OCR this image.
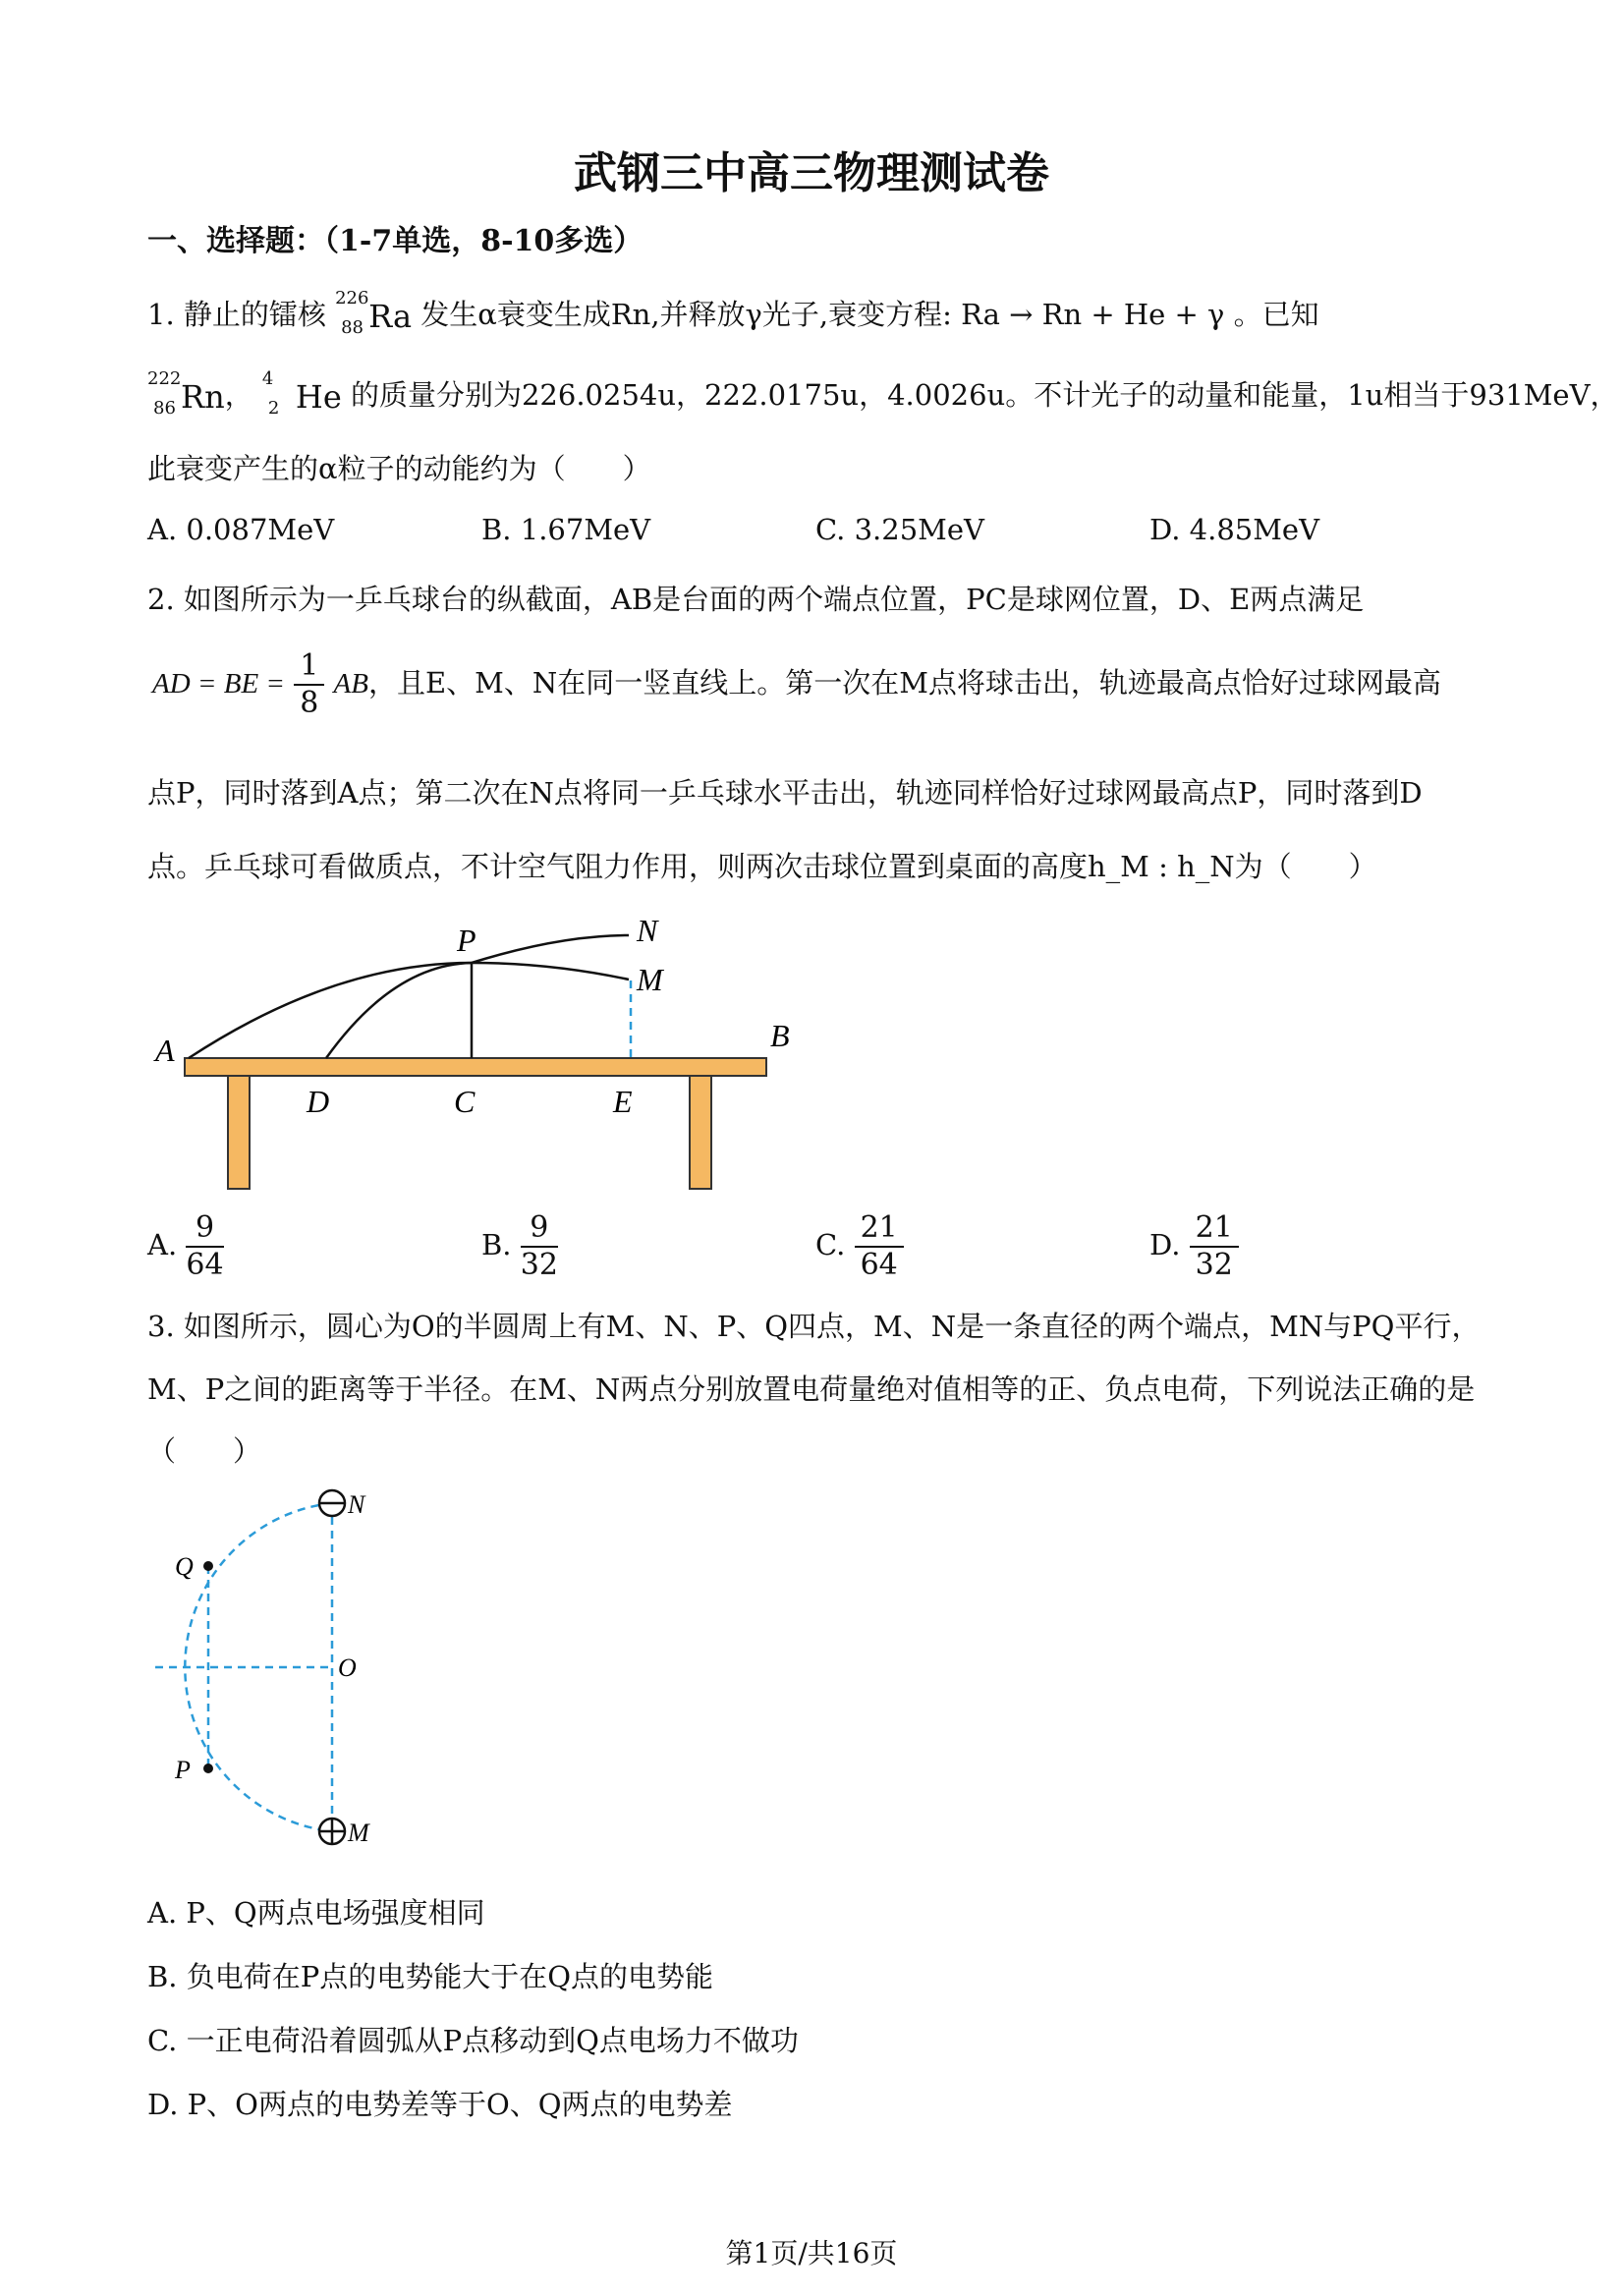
武钢三中高三物理测试卷
一、选择题：（1-7单选，8-10多选）
1. 静止的镭核 226
88 Ra 发生α衰变生成Rn,并释放γ光子,衰变方程: Ra → Rn + He + γ 。已知
222
86 Rn， 4
2 He 的质量分别为226.0254u，222.0175u，4.0026u。不计光子的动量和能量，1u相当于931MeV，
此衰变产生的α粒子的动能约为（　　）
A. 0.087MeV	B. 1.67MeV	C. 3.25MeV	D. 4.85MeV
2. 如图所示为一乒乓球台的纵截面，AB是台面的两个端点位置，PC是球网位置，D、E两点满足
AD = BE = $\frac{1}{8}$ AB，且E、M、N在同一竖直线上。第一次在M点将球击出，轨迹最高点恰好过球网最高
点P，同时落到A点；第二次在N点将同一乒乓球水平击出，轨迹同样恰好过球网最高点P，同时落到D
点。乒乓球可看做质点，不计空气阻力作用，则两次击球位置到桌面的高度h_M : h_N为（　　）
P	N
M
A	B
D	C	E
A. $\frac{9}{64}$	B. $\frac{9}{32}$	C. $\frac{21}{64}$	D. $\frac{21}{32}$
3. 如图所示，圆心为O的半圆周上有M、N、P、Q四点，M、N是一条直径的两个端点，MN与PQ平行，
M、P之间的距离等于半径。在M、N两点分别放置电荷量绝对值相等的正、负点电荷，下列说法正确的是
（　　）
N
Q
O
P
M
A. P、Q两点电场强度相同
B. 负电荷在P点的电势能大于在Q点的电势能
C. 一正电荷沿着圆弧从P点移动到Q点电场力不做功
D. P、O两点的电势差等于O、Q两点的电势差
第1页/共16页
